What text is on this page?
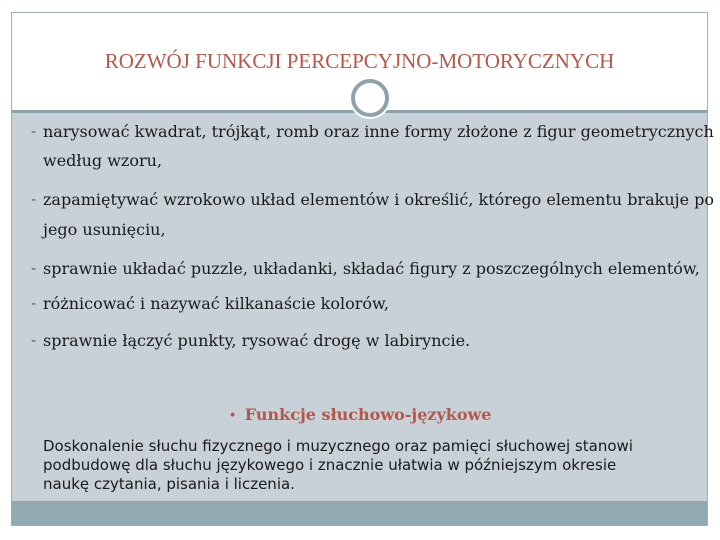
ROZWÓJ FUNKCJI PERCEPCYJNO-MOTORYCZNYCH
- narysować kwadrat, trójkąt, romb oraz inne formy złożone z figur geometrycznych
według wzoru,
- zapamiętywać wzrokowo układ elementów i określić, którego elementu brakuje po
jego usunięciu,
- sprawnie układać puzzle, układanki, składać figury z poszczególnych elementów,
- różnicować i nazywać kilkanaście kolorów,
- sprawnie łączyć punkty, rysować drogę w labiryncie.
• Funkcje słuchowo-językowe
Doskonalenie słuchu fizycznego i muzycznego oraz pamięci słuchowej stanowi podbudowę dla słuchu językowego i znacznie ułatwia w późniejszym okresie naukę czytania, pisania i liczenia.
